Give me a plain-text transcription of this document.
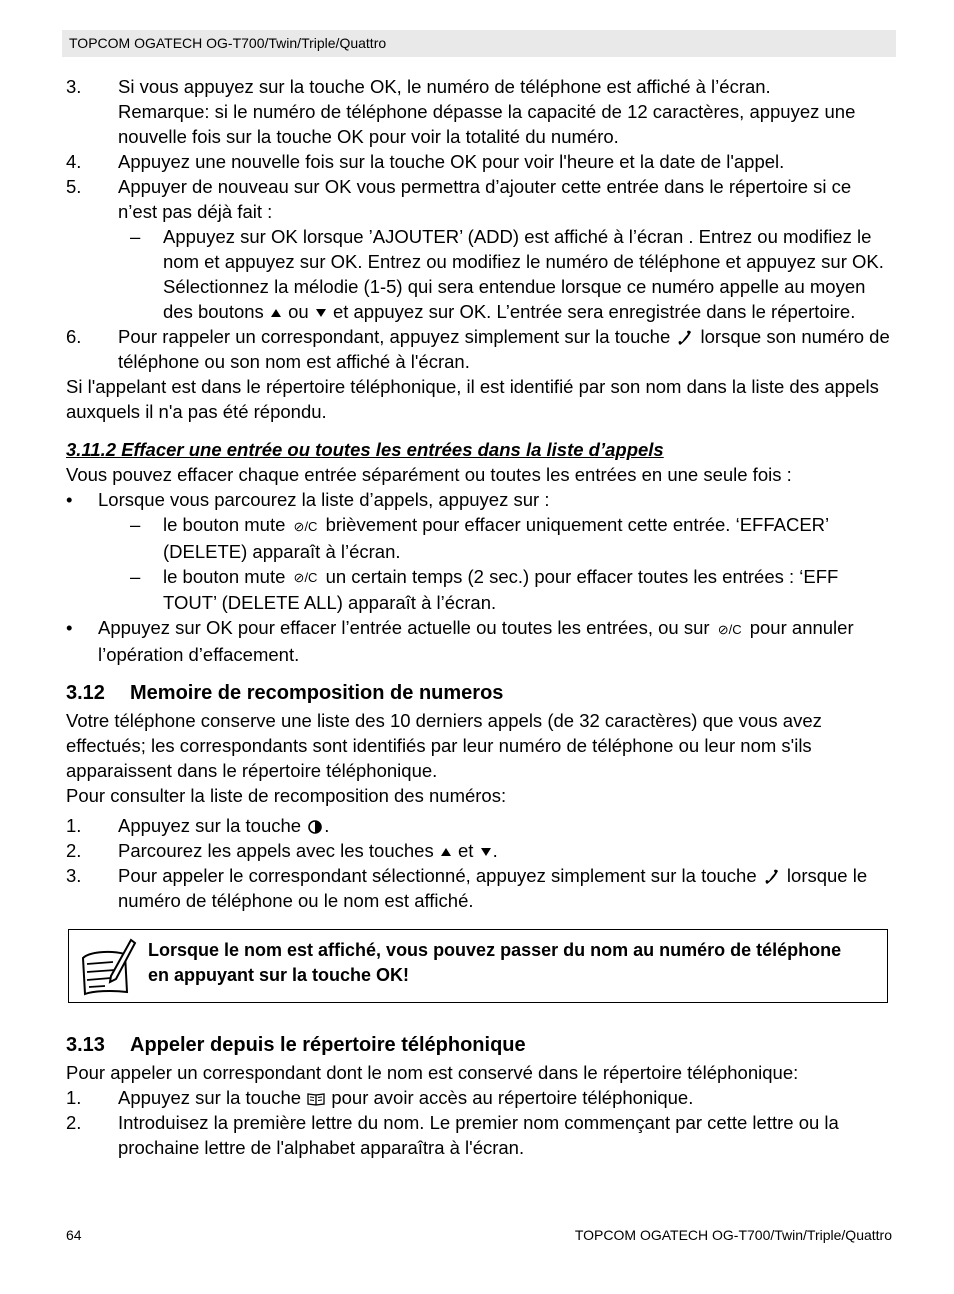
TOPCOM OGATECH OG-T700/Twin/Triple/Quattro
3. Si vous appuyez sur la touche OK, le numéro de téléphone est affiché à l’écran.
Remarque: si le numéro de téléphone dépasse la capacité de 12 caractères, appuyez une nouvelle fois sur la touche OK pour voir la totalité du numéro.
4. Appuyez une nouvelle fois sur la touche OK pour voir l'heure et la date de l'appel.
5. Appuyer de nouveau sur OK vous permettra d’ajouter cette entrée dans le répertoire si ce n’est pas déjà fait :
– Appuyez sur OK lorsque ’AJOUTER’ (ADD) est affiché à l’écran . Entrez ou modifiez le nom et appuyez sur OK. Entrez ou modifiez le numéro de téléphone et appuyez sur OK. Sélectionnez la mélodie (1-5) qui sera entendue lorsque ce numéro appelle au moyen des boutons ou et appuyez sur OK. L’entrée sera enregistrée dans le répertoire.
6. Pour rappeler un correspondant, appuyez simplement sur la touche lorsque son numéro de téléphone ou son nom est affiché à l'écran.
Si l'appelant est dans le répertoire téléphonique, il est identifié par son nom dans la liste des appels auxquels il n'a pas été répondu.
3.11.2 Effacer une entrée ou toutes les entrées dans la liste d’appels
Vous pouvez effacer chaque entrée séparément ou toutes les entrées en une seule fois :
• Lorsque vous parcourez la liste d’appels, appuyez sur :
– le bouton mute ⊘/C brièvement pour effacer uniquement cette entrée. ‘EFFACER’ (DELETE) apparaît à l’écran.
– le bouton mute ⊘/C un certain temps (2 sec.) pour effacer toutes les entrées : ‘EFF TOUT’ (DELETE ALL) apparaît à l’écran.
• Appuyez sur OK pour effacer l’entrée actuelle ou toutes les entrées, ou sur ⊘/C pour annuler l’opération d’effacement.
3.12 Memoire de recomposition de numeros
Votre téléphone conserve une liste des 10 derniers appels (de 32 caractères) que vous avez effectués; les correspondants sont identifiés par leur numéro de téléphone ou leur nom s'ils apparaissent dans le répertoire téléphonique.
Pour consulter la liste de recomposition des numéros:
1. Appuyez sur la touche .
2. Parcourez les appels avec les touches et .
3. Pour appeler le correspondant sélectionné, appuyez simplement sur la touche lorsque le numéro de téléphone ou le nom est affiché.
Lorsque le nom est affiché, vous pouvez passer du nom au numéro de téléphone en appuyant sur la touche OK!
3.13 Appeler depuis le répertoire téléphonique
Pour appeler un correspondant dont le nom est conservé dans le répertoire téléphonique:
1. Appuyez sur la touche pour avoir accès au répertoire téléphonique.
2. Introduisez la première lettre du nom. Le premier nom commençant par cette lettre ou la prochaine lettre de l'alphabet apparaîtra à l'écran.
64	TOPCOM OGATECH OG-T700/Twin/Triple/Quattro
